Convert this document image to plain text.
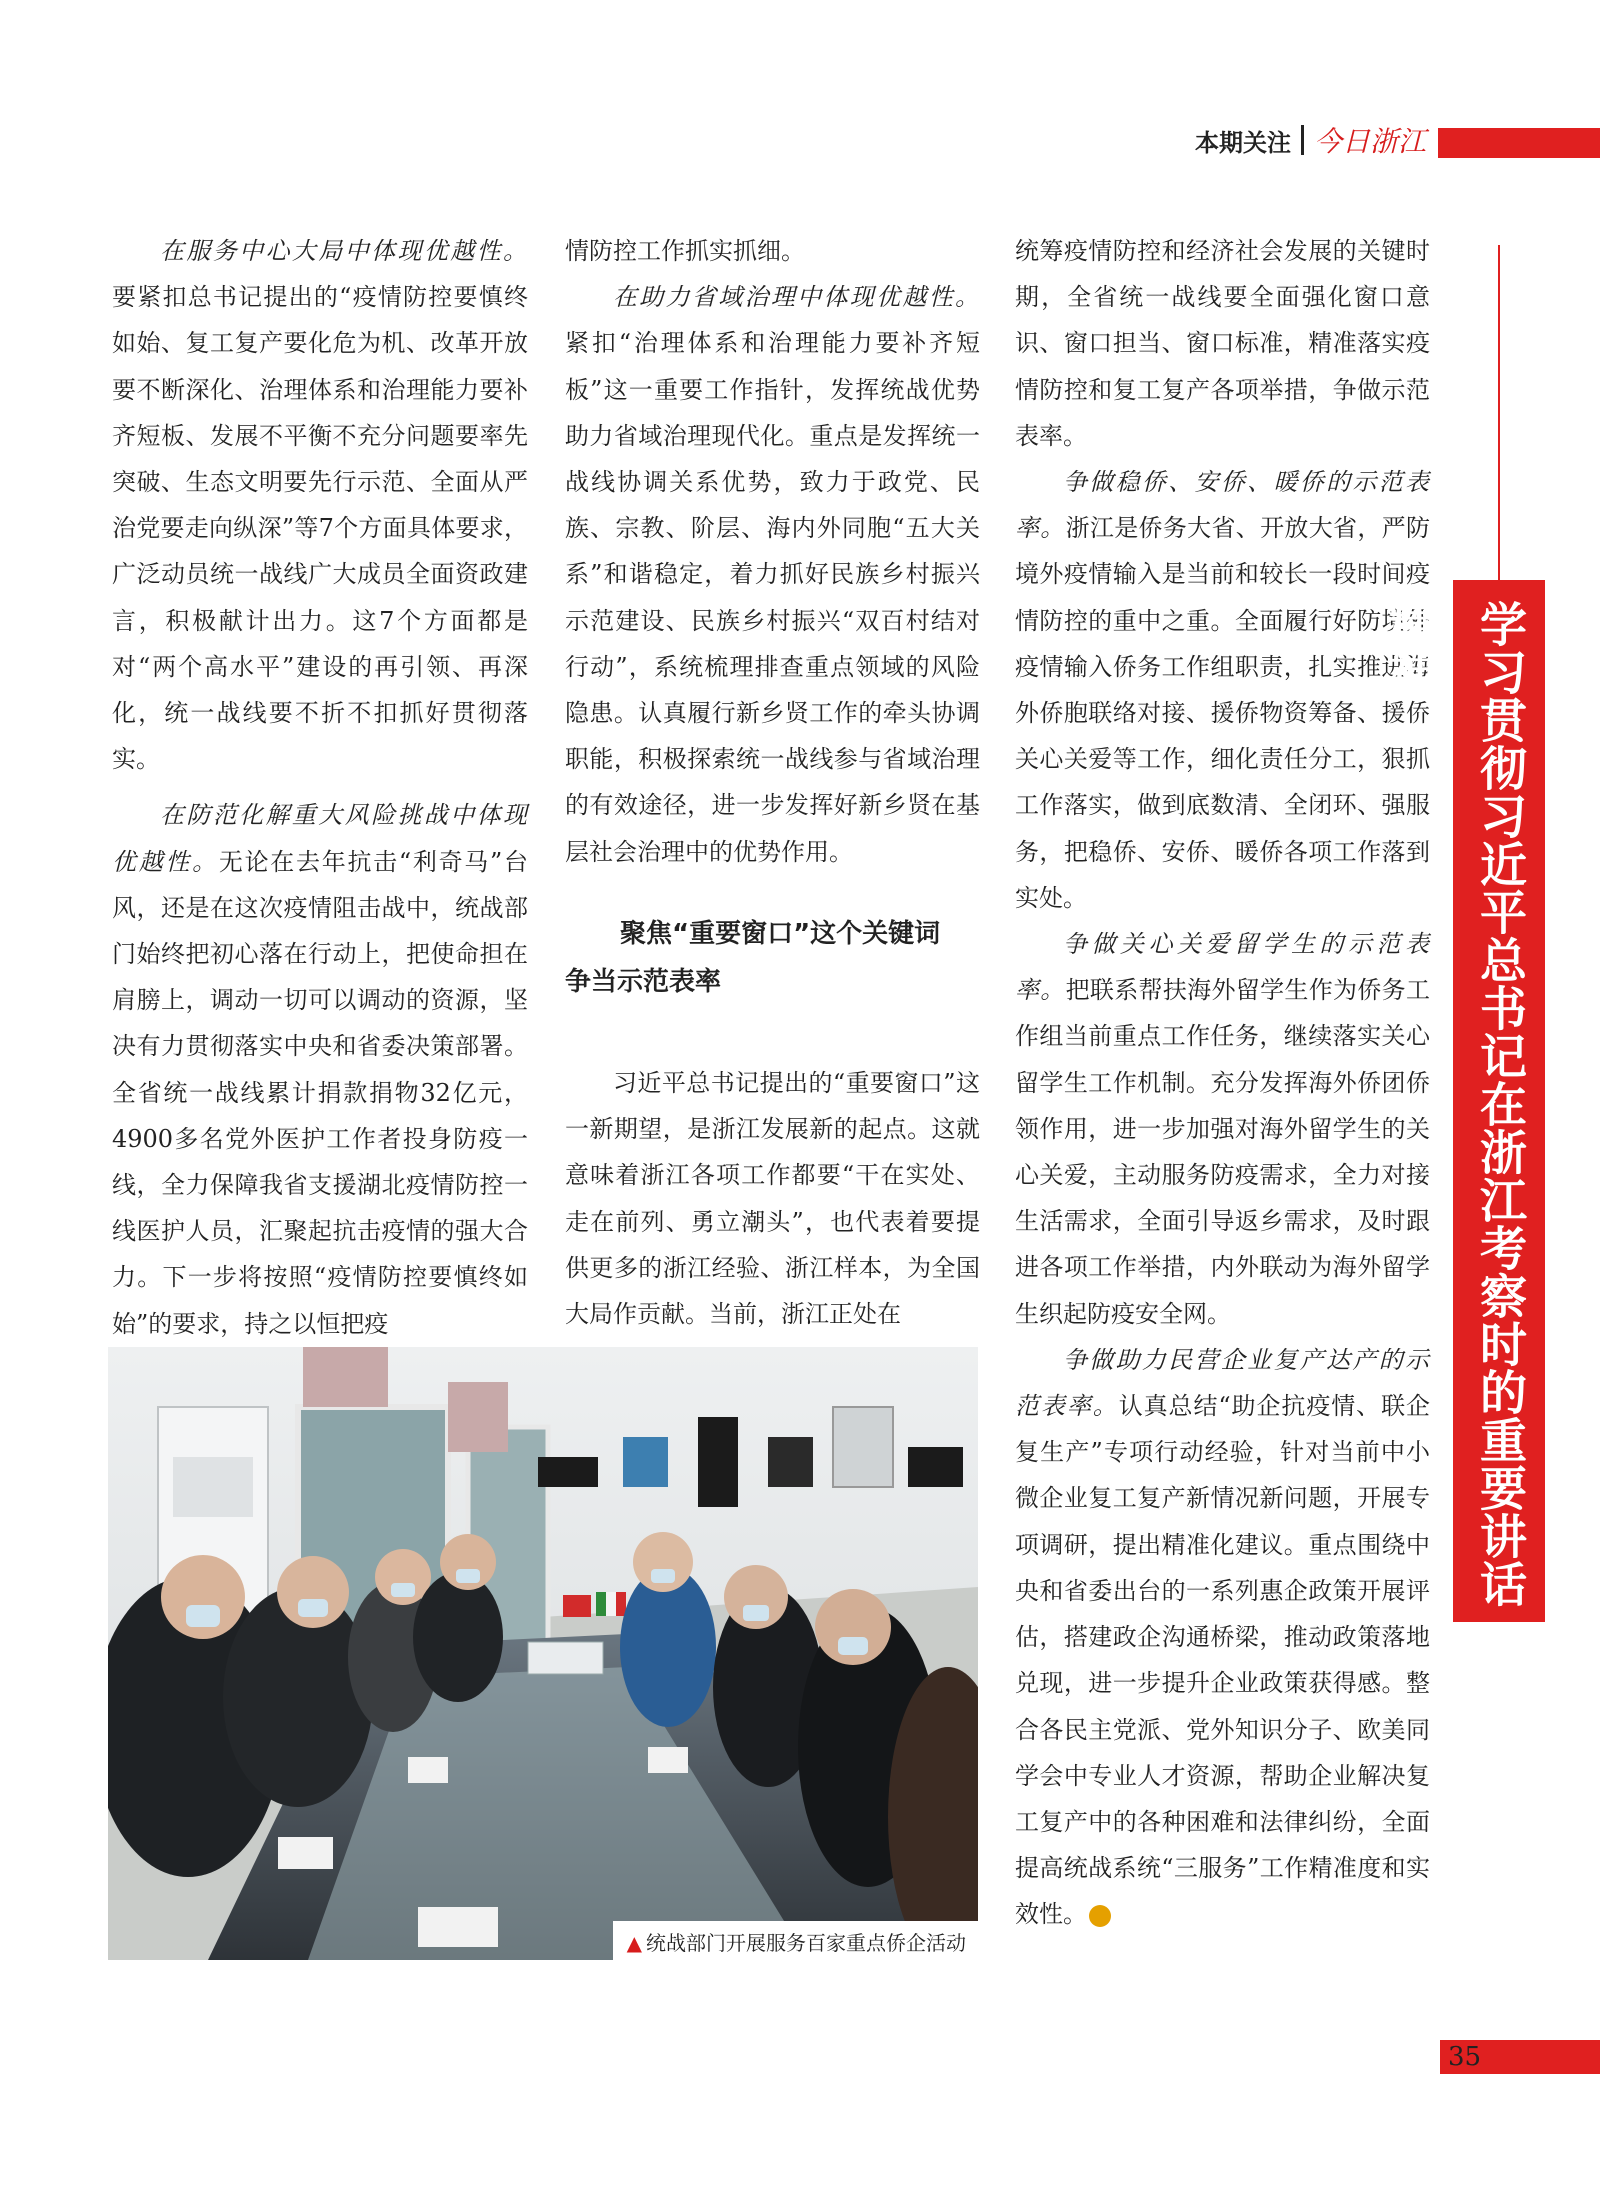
本期关注 今日浙江

在服务中心大局中体现优越性。要紧扣总书记提出的“疫情防控要慎终如始、复工复产要化危为机、改革开放要不断深化、治理体系和治理能力要补齐短板、发展不平衡不充分问题要率先突破、生态文明要先行示范、全面从严治党要走向纵深”等7个方面具体要求，广泛动员统一战线广大成员全面资政建言，积极献计出力。这7个方面都是对“两个高水平”建设的再引领、再深化，统一战线要不折不扣抓好贯彻落实。

在防范化解重大风险挑战中体现优越性。无论在去年抗击“利奇马”台风，还是在这次疫情阻击战中，统战部门始终把初心落在行动上，把使命担在肩膀上，调动一切可以调动的资源，坚决有力贯彻落实中央和省委决策部署。全省统一战线累计捐款捐物32亿元，4900多名党外医护工作者投身防疫一线，全力保障我省支援湖北疫情防控一线医护人员，汇聚起抗击疫情的强大合力。下一步将按照“疫情防控要慎终如始”的要求，持之以恒把疫

情防控工作抓实抓细。

在助力省域治理中体现优越性。紧扣“治理体系和治理能力要补齐短板”这一重要工作指针，发挥统战优势助力省域治理现代化。重点是发挥统一战线协调关系优势，致力于政党、民族、宗教、阶层、海内外同胞“五大关系”和谐稳定，着力抓好民族乡村振兴示范建设、民族乡村振兴“双百村结对行动”，系统梳理排查重点领域的风险隐患。认真履行新乡贤工作的牵头协调职能，积极探索统一战线参与省域治理的有效途径，进一步发挥好新乡贤在基层社会治理中的优势作用。

聚焦“重要窗口”这个关键词
争当示范表率

习近平总书记提出的“重要窗口”这一新期望，是浙江发展新的起点。这就意味着浙江各项工作都要“干在实处、走在前列、勇立潮头”，也代表着要提供更多的浙江经验、浙江样本，为全国大局作贡献。当前，浙江正处在

统筹疫情防控和经济社会发展的关键时期，全省统一战线要全面强化窗口意识、窗口担当、窗口标准，精准落实疫情防控和复工复产各项举措，争做示范表率。

争做稳侨、安侨、暖侨的示范表率。浙江是侨务大省、开放大省，严防境外疫情输入是当前和较长一段时间疫情防控的重中之重。全面履行好防境外疫情输入侨务工作组职责，扎实推进海外侨胞联络对接、援侨物资筹备、援侨关心关爱等工作，细化责任分工，狠抓工作落实，做到底数清、全闭环、强服务，把稳侨、安侨、暖侨各项工作落到实处。

争做关心关爱留学生的示范表率。把联系帮扶海外留学生作为侨务工作组当前重点工作任务，继续落实关心留学生工作机制。充分发挥海外侨团侨领作用，进一步加强对海外留学生的关心关爱，主动服务防疫需求，全力对接生活需求，全面引导返乡需求，及时跟进各项工作举措，内外联动为海外留学生织起防疫安全网。

争做助力民营企业复产达产的示范表率。认真总结“助企抗疫情、联企复生产”专项行动经验，针对当前中小微企业复工复产新情况新问题，开展专项调研，提出精准化建议。重点围绕中央和省委出台的一系列惠企政策开展评估，搭建政企沟通桥梁，推动政策落地兑现，进一步提升企业政策获得感。整合各民主党派、党外知识分子、欧美同学会中专业人才资源，帮助企业解决复工复产中的各种困难和法律纠纷，全面提高统战系统“三服务”工作精准度和实效性。	今

▲ 统战部门开展服务百家重点侨企活动
学习贯彻习近平总书记在浙江考察时的重要讲话精神
35
